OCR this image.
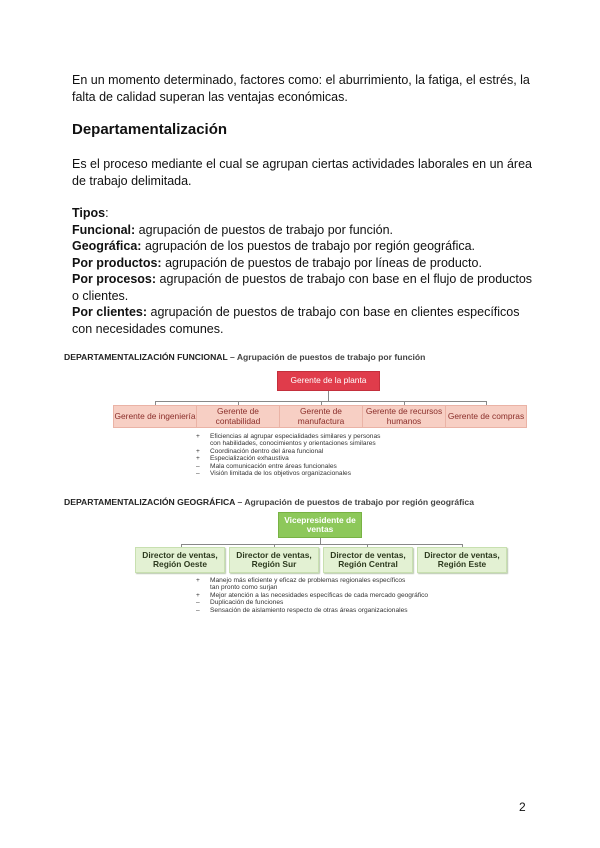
En un momento determinado, factores como: el aburrimiento, la fatiga, el estrés, la falta de calidad superan las ventajas económicas.

Departamentalización

Es el proceso mediante el cual se agrupan ciertas actividades laborales en un área de trabajo delimitada.

Tipos:
Funcional: agrupación de puestos de trabajo por función.
Geográfica: agrupación de los puestos de trabajo por región geográfica.
Por productos: agrupación de puestos de trabajo por líneas de producto.
Por procesos: agrupación de puestos de trabajo con base en el flujo de productos o clientes.
Por clientes: agrupación de puestos de trabajo con base en clientes específicos con necesidades comunes.
DEPARTAMENTALIZACIÓN FUNCIONAL – Agrupación de puestos de trabajo por función
Gerente de la planta
Gerente de ingeniería	Gerente de contabilidad
Gerente de manufactura
Gerente de recursos humanos	Gerente de compras
+	Eficiencias al agrupar especialidades similares y personas
con habilidades, conocimientos y orientaciones similares
+	Coordinación dentro del área funcional
+	Especialización exhaustiva
–	Mala comunicación entre áreas funcionales
–	Visión limitada de los objetivos organizacionales
DEPARTAMENTALIZACIÓN GEOGRÁFICA – Agrupación de puestos de trabajo por región geográfica
Vicepresidente de ventas
Director de ventas, Región Oeste
Director de ventas, Región Sur
Director de ventas, Región Central
Director de ventas, Región Este
+	Manejo más eficiente y eficaz de problemas regionales específicos
tan pronto como surjan
+	Mejor atención a las necesidades específicas de cada mercado geográfico
–	Duplicación de funciones
–	Sensación de aislamiento respecto de otras áreas organizacionales
2
